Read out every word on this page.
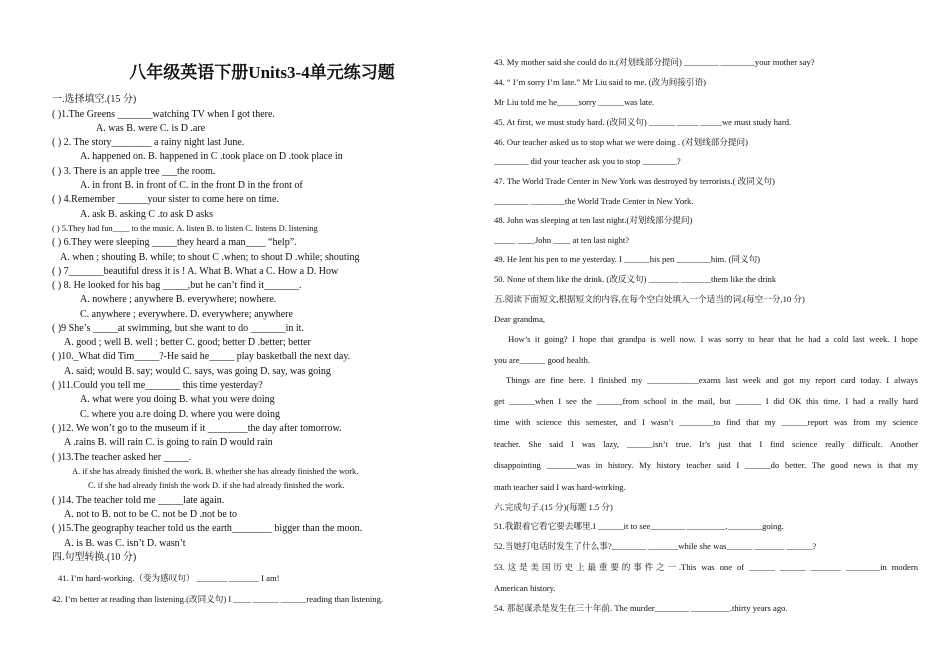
八年级英语下册Units3-4单元练习题
一.选择填空.(15 分)
( )1.The Greens _______watching TV when I got there.
A. was B. were C. is D .are
( ) 2. The story________ a rainy night last June.
A. happened on. B. happened in C .took place on D .took place in
( ) 3. There is an apple tree ___the room.
A. in front B. in front of C. in the front D in the front of
( ) 4.Remember ______your sister to come here on time.
A. ask B. asking C .to ask D asks
( ) 5.They had fun____ to the music. A. listen B. to listen C. listens D. listening
( ) 6.They were sleeping _____they heard a man____ “help”.
A. when ; shouting B. while; to shout C .when; to shout D .while; shouting
( ) 7_______beautiful dress it is ! A. What B. What a C. How a D. How
( ) 8. He looked for his bag _____,but he can’t find it_______.
A. nowhere ; anywhere B. everywhere; nowhere.
C. anywhere ; everywhere. D. everywhere; anywhere
( )9 She’s _____at swimming, but she want to do _______in it.
A. good ; well B. well ; better C. good; better D .better; better
( )10._What did Tim_____?-He said he_____ play basketball the next day.
A. said; would B. say; would C. says, was going D. say, was going
( )11.Could you tell me_______ this time yesterday?
A. what were you doing B. what you were doing
C. where you a.re doing D. where you were doing
( )12. We won’t go to the museum if it ________the day after tomorrow.
A .rains B. will rain C. is going to rain D would rain
( )13.The teacher asked her _____.
A. if she has already finished the work. B. whether she has already finished the work.
C. if she had already finish the work D. if she had already finished the work.
( )14. The teacher told me _____late again.
A. not to B. not to be C. not be D .not be to
( )15.The geography teacher told us the earth________ bigger than the moon.
A. is B. was C. isn’t D. wasn’t
四.句型转换.(10 分)
41. I’m hard-working.（变为感叹句） _______ _______ I am!
42. I’m better at reading than listening.(改同义句) I ____ ______ ______reading than listening.
43. My mother said she could do it.(对划线部分提问) ________ ________your mother say?
44. “ I’m sorry I’m late.” Mr Liu said to me. (改为间接引语)
Mr Liu told me he_____sorry ______was late.
45. At first, we must study hard. (改同义句) ______ _____ _____we must study hard.
46. Our teacher asked us to stop what we were doing . (对划线部分提问)
________ did your teacher ask you to stop ________?
47. The World Trade Center in New York was destroyed by terrorists.( 改同义句)
________ ________the World Trade Center in New York.
48. John was sleeping at ten last night.(对划线部分提问)
_____ ____John ____ at ten last night?
49. He lent his pen to me yesterday. I ______his pen ________him. (同义句)
50. None of them like the drink. (改反义句) _______ _______them like the drink
五.阅读下面短文,根据短文的内容,在每个空白处填入一个适当的词.(每空一分,10 分)
Dear grandma,
How’s it going? I hope that grandpa is well now. I was sorry to hear that he had a cold last week. I hope
you are______ good health.
Things are fine here. I finished my ____________exams last week and got my report card today. I always
get ______when I see the ______from school in the mail, but ______ I did OK this time. I had a really hard
time with science this semester, and I wasn’t ________to find that my ______report was from my science
teacher. She said I was lazy, ______isn’t true. It’s just that I find science really difficult. Another
disappointing _______was in history. My history teacher said I ______do better. The good news is that my
math teacher said I was hard-working.
六.完成句子.(15 分)(每题 1.5 分)
51.我跟着它看它要去哪里.I ______it to see________ _________.________going.
52.当她打电话时发生了什么事?________ _______while she was______ _______ ______?
53.这是美国历史上最重要的事件之一.This was one of ______ ______ _______ ________in modern
American history.
54. 那起谋杀是发生在三十年前. The murder________ _________.thirty years ago.
